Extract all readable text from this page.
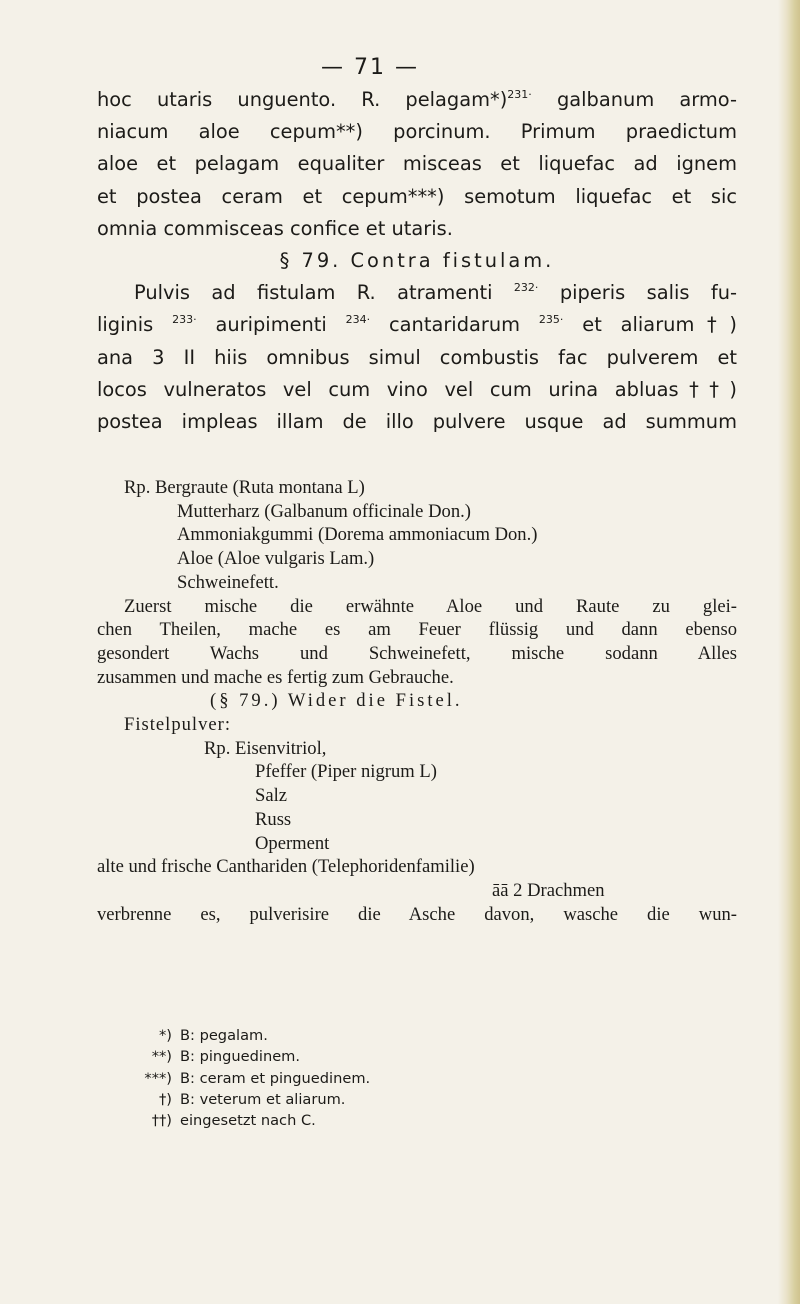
— 71 —
hoc utaris unguento. R. pelagam*)$^{231\cdot}$ galbanum armo-
niacum aloe cepum**) porcinum. Primum praedictum
aloe et pelagam equaliter misceas et liquefac ad ignem
et postea ceram et cepum***) semotum liquefac et sic
omnia commisceas confice et utaris.
§ 79. Contra fistulam.
Pulvis ad fistulam R. atramenti $^{232\cdot}$ piperis salis fu-
liginis $^{233\cdot}$ auripimenti $^{234\cdot}$ cantaridarum $^{235\cdot}$ et aliarum†)
ana 3 II hiis omnibus simul combustis fac pulverem et
locos vulneratos vel cum vino vel cum urina abluas††)
postea impleas illam de illo pulvere usque ad summum
Rp. Bergraute (Ruta montana L)
Mutterharz (Galbanum officinale Don.)
Ammoniakgummi (Dorema ammoniacum Don.)
Aloe (Aloe vulgaris Lam.)
Schweinefett.
Zuerst mische die erwähnte Aloe und Raute zu glei-
chen Theilen, mache es am Feuer flüssig und dann ebenso
gesondert Wachs und Schweinefett, mische sodann Alles
zusammen und mache es fertig zum Gebrauche.
(§ 79.) Wider die Fistel.
Fistelpulver:
Rp. Eisenvitriol,
Pfeffer (Piper nigrum L)
Salz
Russ
Operment
alte und frische Canthariden (Telephoridenfamilie)
āā 2 Drachmen
verbrenne es, pulverisire die Asche davon, wasche die wun-
*) B: pegalam.
**) B: pinguedinem.
***) B: ceram et pinguedinem.
†) B: veterum et aliarum.
††) eingesetzt nach C.
